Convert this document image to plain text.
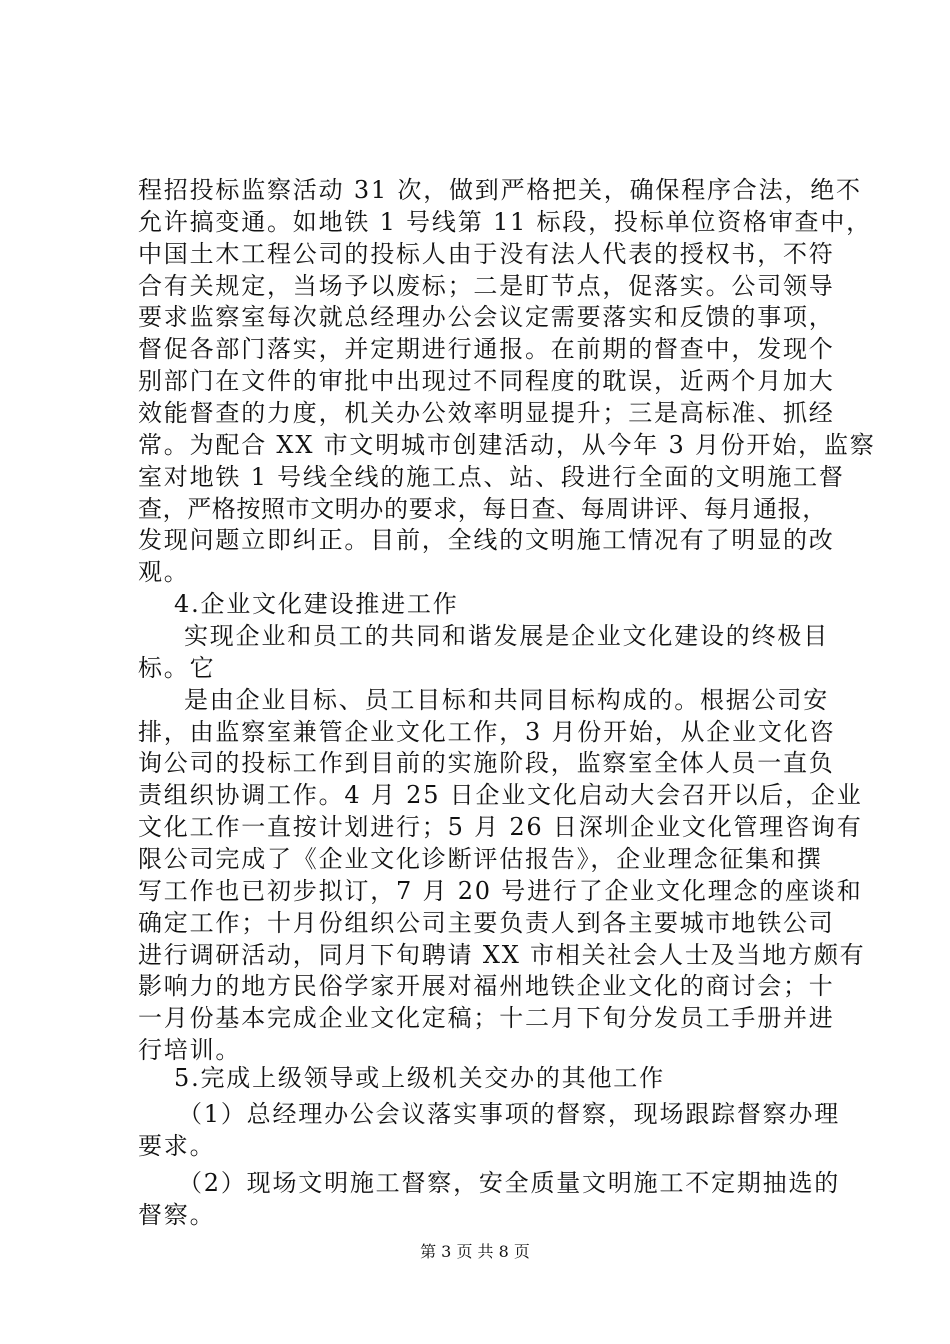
程招投标监察活动 31 次，做到严格把关，确保程序合法，绝不
允许搞变通。如地铁 1 号线第 11 标段，投标单位资格审查中，
中国土木工程公司的投标人由于没有法人代表的授权书，不符
合有关规定，当场予以废标；二是盯节点，促落实。公司领导
要求监察室每次就总经理办公会议定需要落实和反馈的事项，
督促各部门落实，并定期进行通报。在前期的督查中，发现个
别部门在文件的审批中出现过不同程度的耽误，近两个月加大
效能督查的力度，机关办公效率明显提升；三是高标准、抓经
常。为配合 XX 市文明城市创建活动，从今年 3 月份开始，监察
室对地铁 1 号线全线的施工点、站、段进行全面的文明施工督
查，严格按照市文明办的要求，每日查、每周讲评、每月通报，
发现问题立即纠正。目前，全线的文明施工情况有了明显的改
观。
4.企业文化建设推进工作
实现企业和员工的共同和谐发展是企业文化建设的终极目
标。它
是由企业目标、员工目标和共同目标构成的。根据公司安
排，由监察室兼管企业文化工作，3 月份开始，从企业文化咨
询公司的投标工作到目前的实施阶段，监察室全体人员一直负
责组织协调工作。4 月 25 日企业文化启动大会召开以后，企业
文化工作一直按计划进行；5 月 26 日深圳企业文化管理咨询有
限公司完成了《企业文化诊断评估报告》，企业理念征集和撰
写工作也已初步拟订，7 月 20 号进行了企业文化理念的座谈和
确定工作；十月份组织公司主要负责人到各主要城市地铁公司
进行调研活动，同月下旬聘请 XX 市相关社会人士及当地方颇有
影响力的地方民俗学家开展对福州地铁企业文化的商讨会；十
一月份基本完成企业文化定稿；十二月下旬分发员工手册并进
行培训。
5.完成上级领导或上级机关交办的其他工作
（1）总经理办公会议落实事项的督察，现场跟踪督察办理
要求。
（2）现场文明施工督察，安全质量文明施工不定期抽选的
督察。
第 3 页 共 8 页
